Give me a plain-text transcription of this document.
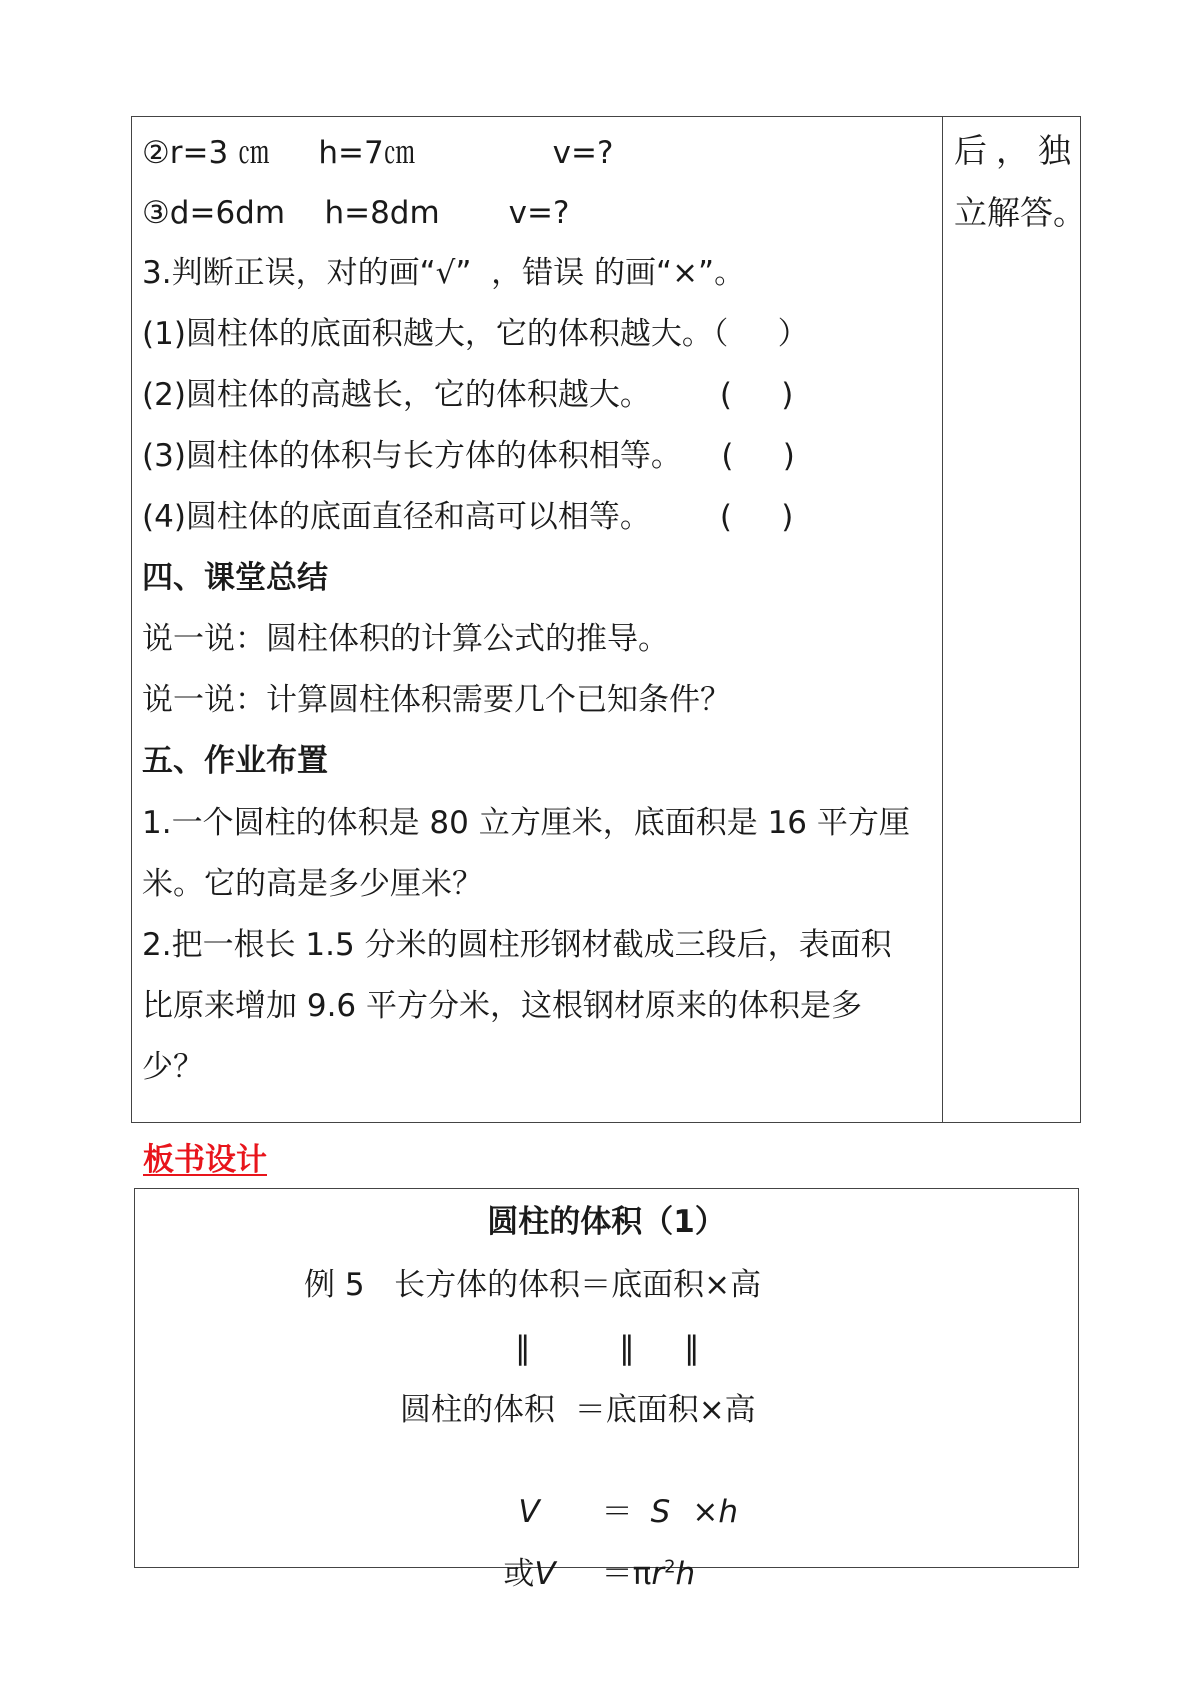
②r=3 ㎝     h=7㎝              v=?
③d=6dm    h=8dm       v=?
3.判断正误，对的画“√”  ，错误 的画“×”。
(1)圆柱体的底面积越大，它的体积越大。（     ）
(2)圆柱体的高越长，它的体积越大。       (     )
(3)圆柱体的体积与长方体的体积相等。    (     )
(4)圆柱体的底面直径和高可以相等。       (     )
四、课堂总结
说一说：圆柱体积的计算公式的推导。
说一说：计算圆柱体积需要几个已知条件？
五、作业布置
1.一个圆柱的体积是 80 立方厘米，底面积是 16 平方厘
米。它的高是多少厘米？
2.把一根长 1.5 分米的圆柱形钢材截成三段后，表面积
比原来增加 9.6 平方分米，这根钢材原来的体积是多
少？
后 ， 独
立解答。
板书设计
圆柱的体积（1）
例 5   长方体的体积＝底面积×高
‖         ‖     ‖
圆柱的体积  ＝底面积×高

V ＝ S ×h

或$V =\pi r^2h$
